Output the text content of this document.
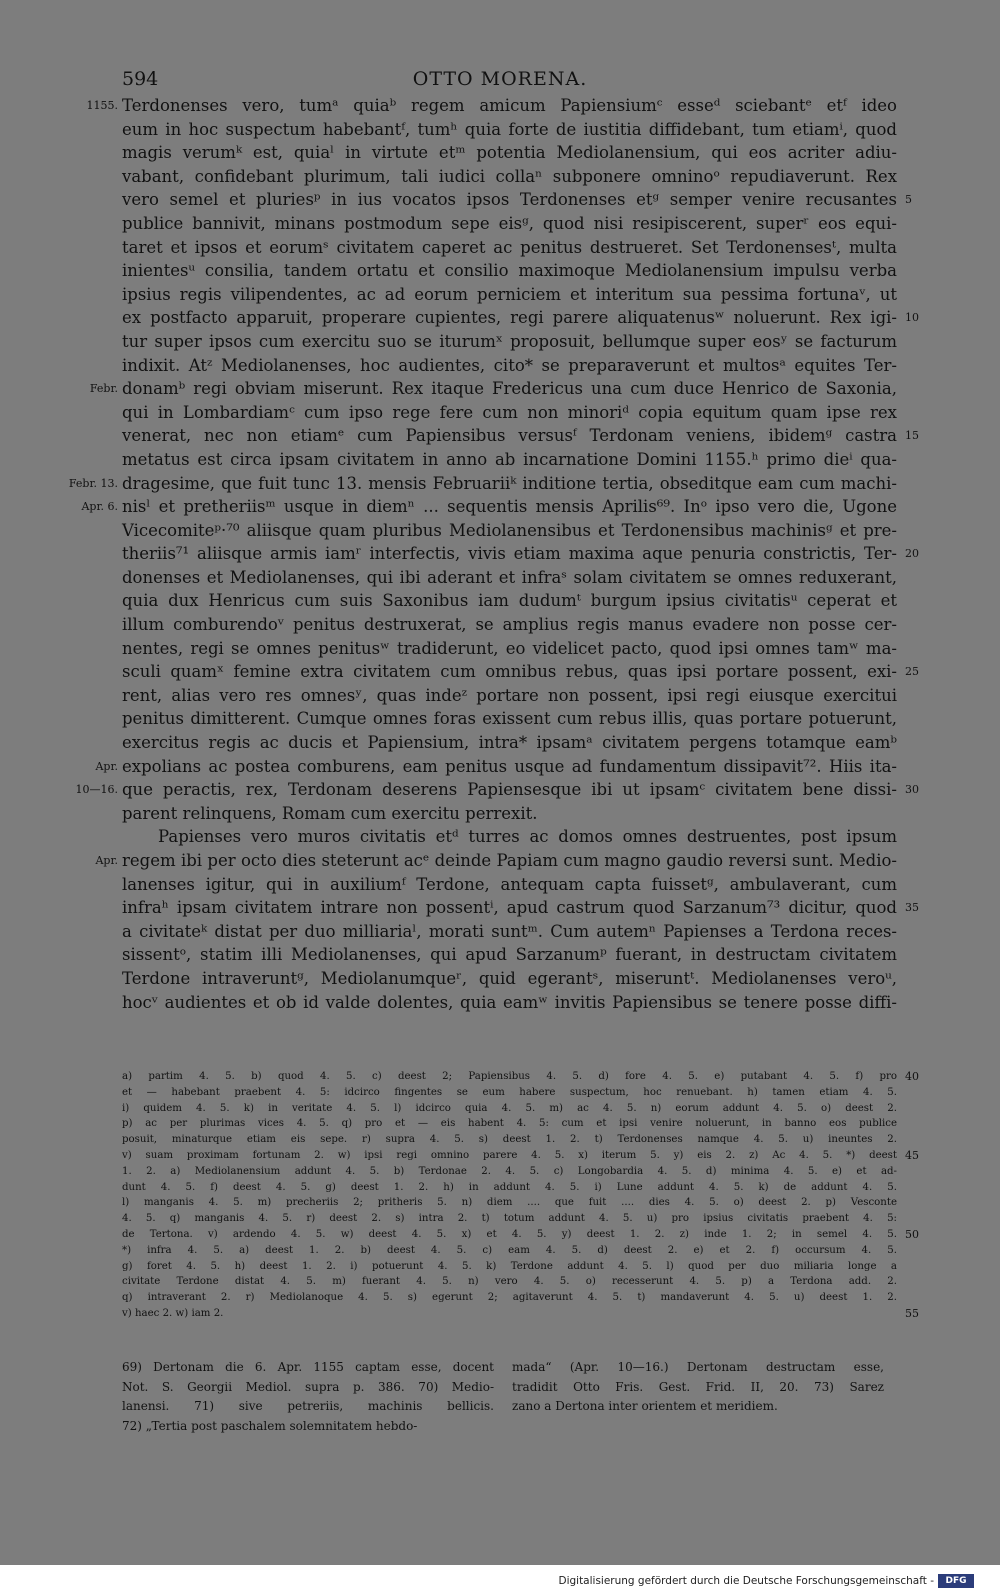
594	OTTO MORENA.
Terdonenses vero, tumᵃ quiaᵇ regem amicum Papiensiumᶜ esseᵈ sciebantᵉ etᶠ ideo
1155.
eum in hoc suspectum habebantᶠ, tumʰ quia forte de iustitia diffidebant, tum etiamⁱ, quod
magis verumᵏ est, quiaˡ in virtute etᵐ potentia Mediolanensium, qui eos acriter adiu-
vabant, confidebant plurimum, tali iudici collaⁿ subponere omninoᵒ repudiaverunt. Rex
vero semel et pluriesᵖ in ius vocatos ipsos Terdonenses etᵍ semper venire recusantes 5
publice bannivit, minans postmodum sepe eisᵍ, quod nisi resipiscerent, superʳ eos equi-
taret et ipsos et eorumˢ civitatem caperet ac penitus destrueret. Set Terdonensesᵗ, multa
inientesᵘ consilia, tandem ortatu et consilio maximoque Mediolanensium impulsu verba
ipsius regis vilipendentes, ac ad eorum perniciem et interitum sua pessima fortunaᵛ, ut
ex postfacto apparuit, properare cupientes, regi parere aliquatenusʷ noluerunt. Rex igi- 10
tur super ipsos cum exercitu suo se iturumˣ proposuit, bellumque super eosʸ se facturum
indixit. Atᶻ Mediolanenses, hoc audientes, cito* se preparaverunt et multosᵃ equites Ter-
donamᵇ regi obviam miserunt. Rex itaque Fredericus una cum duce Henrico de Saxonia,
Febr.
qui in Lombardiamᶜ cum ipso rege fere cum non minoriᵈ copia equitum quam ipse rex
venerat, nec non etiamᵉ cum Papiensibus versusᶠ Terdonam veniens, ibidemᵍ castra 15
metatus est circa ipsam civitatem in anno ab incarnatione Domini 1155.ʰ primo dieⁱ qua-
dragesime, que fuit tunc 13. mensis Februariiᵏ inditione tertia, obseditque eam cum machi-
Febr. 13.
nisˡ et pretheriisᵐ usque in diemⁿ ... sequentis mensis Aprilis⁶⁹. Inᵒ ipso vero die, Ugone
Apr. 6.
Vicecomiteᵖ·⁷⁰ aliisque quam pluribus Mediolanensibus et Terdonensibus machinisᵍ et pre-
theriis⁷¹ aliisque armis iamʳ interfectis, vivis etiam maxima aque penuria constrictis, Ter- 20
donenses et Mediolanenses, qui ibi aderant et infraˢ solam civitatem se omnes reduxerant,
quia dux Henricus cum suis Saxonibus iam dudumᵗ burgum ipsius civitatisᵘ ceperat et
illum comburendoᵛ penitus destruxerat, se amplius regis manus evadere non posse cer-
nentes, regi se omnes penitusʷ tradiderunt, eo videlicet pacto, quod ipsi omnes tamʷ ma-
sculi quamˣ femine extra civitatem cum omnibus rebus, quas ipsi portare possent, exi- 25
rent, alias vero res omnesʸ, quas indeᶻ portare non possent, ipsi regi eiusque exercitui
penitus dimitterent. Cumque omnes foras exissent cum rebus illis, quas portare potuerunt,
exercitus regis ac ducis et Papiensium, intra* ipsamᵃ civitatem pergens totamque eamᵇ
expolians ac postea comburens, eam penitus usque ad fundamentum dissipavit⁷². Hiis ita-
Apr.
que peractis, rex, Terdonam deserens Papiensesque ibi ut ipsamᶜ civitatem bene dissi-
10—16.	30
parent relinquens, Romam cum exercitu perrexit.
Papienses vero muros civitatis etᵈ turres ac domos omnes destruentes, post ipsum
regem ibi per octo dies steterunt acᵉ deinde Papiam cum magno gaudio reversi sunt. Medio-
Apr.
lanenses igitur, qui in auxiliumᶠ Terdone, antequam capta fuissetᵍ, ambulaverant, cum
infraʰ ipsam civitatem intrare non possentⁱ, apud castrum quod Sarzanum⁷³ dicitur, quod 35
a civitateᵏ distat per duo milliariaˡ, morati suntᵐ. Cum autemⁿ Papienses a Terdona reces-
sissentᵒ, statim illi Mediolanenses, qui apud Sarzanumᵖ fuerant, in destructam civitatem
Terdone intraveruntᵍ, Mediolanumqueʳ, quid egerantˢ, miseruntᵗ. Mediolanenses veroᵘ,
hocᵛ audientes et ob id valde dolentes, quia eamʷ invitis Papiensibus se tenere posse diffi-
a) partim 4. 5. b) quod 4. 5. c) deest 2; Papiensibus 4. 5. d) fore 4. 5. e) putabant 4. 5. f) pro 40
et — habebant praebent 4. 5: idcirco fingentes se eum habere suspectum, hoc renuebant. h) tamen etiam 4. 5.
i) quidem 4. 5. k) in veritate 4. 5. l) idcirco quia 4. 5. m) ac 4. 5. n) eorum addunt 4. 5. o) deest 2.
p) ac per plurimas vices 4. 5. q) pro et — eis habent 4. 5: cum et ipsi venire noluerunt, in banno eos publice
posuit, minaturque etiam eis sepe. r) supra 4. 5. s) deest 1. 2. t) Terdonenses namque 4. 5. u) ineuntes 2.
v) suam proximam fortunam 2. w) ipsi regi omnino parere 4. 5. x) iterum 5. y) eis 2. z) Ac 4. 5. *) deest 45
1. 2. a) Mediolanensium addunt 4. 5. b) Terdonae 2. 4. 5. c) Longobardia 4. 5. d) minima 4. 5. e) et ad-
dunt 4. 5. f) deest 4. 5. g) deest 1. 2. h) in addunt 4. 5. i) Lune addunt 4. 5. k) de addunt 4. 5.
l) manganis 4. 5. m) precheriis 2; pritheris 5. n) diem .... que fuit .... dies 4. 5. o) deest 2. p) Vesconte
4. 5. q) manganis 4. 5. r) deest 2. s) intra 2. t) totum addunt 4. 5. u) pro ipsius civitatis praebent 4. 5:
de Tertona. v) ardendo 4. 5. w) deest 4. 5. x) et 4. 5. y) deest 1. 2. z) inde 1. 2; in semel 4. 5. 50
*) infra 4. 5. a) deest 1. 2. b) deest 4. 5. c) eam 4. 5. d) deest 2. e) et 2. f) occursum 4. 5.
g) foret 4. 5. h) deest 1. 2. i) potuerunt 4. 5. k) Terdone addunt 4. 5. l) quod per duo miliaria longe a
civitate Terdone distat 4. 5. m) fuerant 4. 5. n) vero 4. 5. o) recesserunt 4. 5. p) a Terdona add. 2.
q) intraverant 2. r) Mediolanoque 4. 5. s) egerunt 2; agitaverunt 4. 5. t) mandaverunt 4. 5. u) deest 1. 2.
v) haec 2. w) iam 2.	55
69) Dertonam die 6. Apr. 1155 captam esse, docent
Not. S. Georgii Mediol. supra p. 386. 70) Medio-
lanensi. 71) sive petreriis, machinis bellicis.
72) „Tertia post paschalem solemnitatem hebdo-
mada“ (Apr. 10—16.) Dertonam destructam esse,
tradidit Otto Fris. Gest. Frid. II, 20. 73) Sarez
zano a Dertona inter orientem et meridiem.
Digitalisierung gefördert durch die Deutsche Forschungsgemeinschaft -	DFG
